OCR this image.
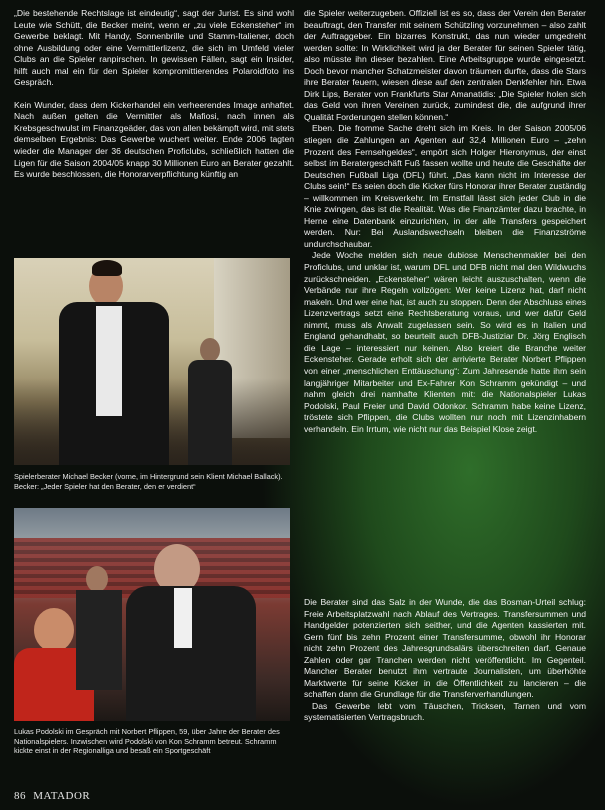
„Die bestehende Rechtslage ist eindeutig“, sagt der Jurist. Es sind wohl Leute wie Schütt, die Becker meint, wenn er „zu viele Eckensteher“ im Gewerbe beklagt. Mit Handy, Sonnenbrille und Stamm-Italiener, doch ohne Ausbildung oder eine Vermittlerlizenz, die sich im Umfeld vieler Clubs an die Spieler ranpirschen. In gewissen Fällen, sagt ein Insider, hilft auch mal ein für den Spieler kompromittierendes Polaroidfoto ins Gespräch.

Kein Wunder, dass dem Kickerhandel ein verheerendes Image anhaftet. Nach außen gelten die Vermittler als Mafiosi, nach innen als Krebsgeschwulst im Finanzgeäder, das von allen bekämpft wird, mit stets demselben Ergebnis: Das Gewerbe wuchert weiter. Ende 2006 tagten wieder die Manager der 36 deutschen Proficlubs, schließlich hatten die Ligen für die Saison 2004/05 knapp 30 Millionen Euro an Berater gezahlt. Es wurde beschlossen, die Honorarverpflichtung künftig an

Spielerberater Michael Becker (vorne, im Hintergrund sein Klient Michael Ballack). Becker: „Jeder Spieler hat den Berater, den er verdient“
Lukas Podolski im Gespräch mit Norbert Pflippen, 59, über Jahre der Berater des Nationalspielers. Inzwischen wird Podolski von Kon Schramm betreut. Schramm kickte einst in der Regionalliga und besaß ein Sportgeschäft

die Spieler weiterzugeben. Offiziell ist es so, dass der Verein den Berater beauftragt, den Transfer mit seinem Schützling vorzunehmen – also zahlt der Auftraggeber. Ein bizarres Konstrukt, das nun wieder umgedreht werden sollte: In Wirklichkeit wird ja der Berater für seinen Spieler tätig, also müsste ihn dieser bezahlen. Eine Arbeitsgruppe wurde eingesetzt. Doch bevor mancher Schatzmeister davon träumen durfte, dass die Stars ihre Berater feuern, wiesen diese auf den zentralen Denkfehler hin. Etwa Dirk Lips, Berater von Frankfurts Star Amanatidis: „Die Spieler holen sich das Geld von ihren Vereinen zurück, zumindest die, die aufgrund ihrer Qualität Forderungen stellen können.“

Eben. Die fromme Sache dreht sich im Kreis. In der Saison 2005/06 stiegen die Zahlungen an Agenten auf 32,4 Millionen Euro – „zehn Prozent des Fernsehgeldes“, empört sich Holger Hieronymus, der einst selbst im Beratergeschäft Fuß fassen wollte und heute die Geschäfte der Deutschen Fußball Liga (DFL) führt. „Das kann nicht im Interesse der Clubs sein!“ Es seien doch die Kicker fürs Honorar ihrer Berater zuständig – willkommen im Kreisverkehr. Im Ernstfall lässt sich jeder Club in die Knie zwingen, das ist die Realität. Was die Finanzämter dazu brachte, in Herne eine Datenbank einzurichten, in der alle Transfers gespeichert werden. Nur: Bei Auslandswechseln bleiben die Finanzströme undurchschaubar.

Jede Woche melden sich neue dubiose Menschenmakler bei den Proficlubs, und unklar ist, warum DFL und DFB nicht mal den Wildwuchs zurückschneiden. „Eckensteher“ wären leicht auszuschalten, wenn die Verbände nur ihre Regeln vollzögen: Wer keine Lizenz hat, darf nicht makeln. Und wer eine hat, ist auch zu stoppen. Denn der Abschluss eines Lizenzvertrags setzt eine Rechtsberatung voraus, und wer dafür Geld nimmt, muss als Anwalt zugelassen sein. So wird es in Italien und England gehandhabt, so beurteilt auch DFB-Justiziar Dr. Jörg Englisch die Lage – interessiert nur keinen. Also kreiert die Branche weiter Eckensteher. Gerade erholt sich der arrivierte Berater Norbert Pflippen von einer „menschlichen Enttäuschung“: Zum Jahresende hatte ihm sein langjähriger Mitarbeiter und Ex-Fahrer Kon Schramm gekündigt – und nahm gleich drei namhafte Klienten mit: die Nationalspieler Lukas Podolski, Paul Freier und David Odonkor. Schramm habe keine Lizenz, tröstete sich Pflippen, die Clubs wollten nur noch mit Lizenzinhabern verhandeln. Ein Irrtum, wie nicht nur das Beispiel Klose zeigt.

Die Berater sind das Salz in der Wunde, die das Bosman-Urteil schlug: Freie Arbeitsplatzwahl nach Ablauf des Vertrages. Transfersummen und Handgelder potenzierten sich seither, und die Agenten kassierten mit. Gern fünf bis zehn Prozent einer Transfersumme, obwohl ihr Honorar nicht zehn Prozent des Jahresgrundsalärs überschreiten darf. Genaue Zahlen oder gar Tranchen werden nicht veröffentlicht. Im Gegenteil. Mancher Berater benutzt ihm vertraute Journalisten, um überhöhte Marktwerte für seine Kicker in die Öffentlichkeit zu lancieren – die schaffen dann die Grundlage für die Transferverhandlungen.

Das Gewerbe lebt vom Täuschen, Tricksen, Tarnen und vom systematisierten Vertragsbruch.

86 MATADOR
